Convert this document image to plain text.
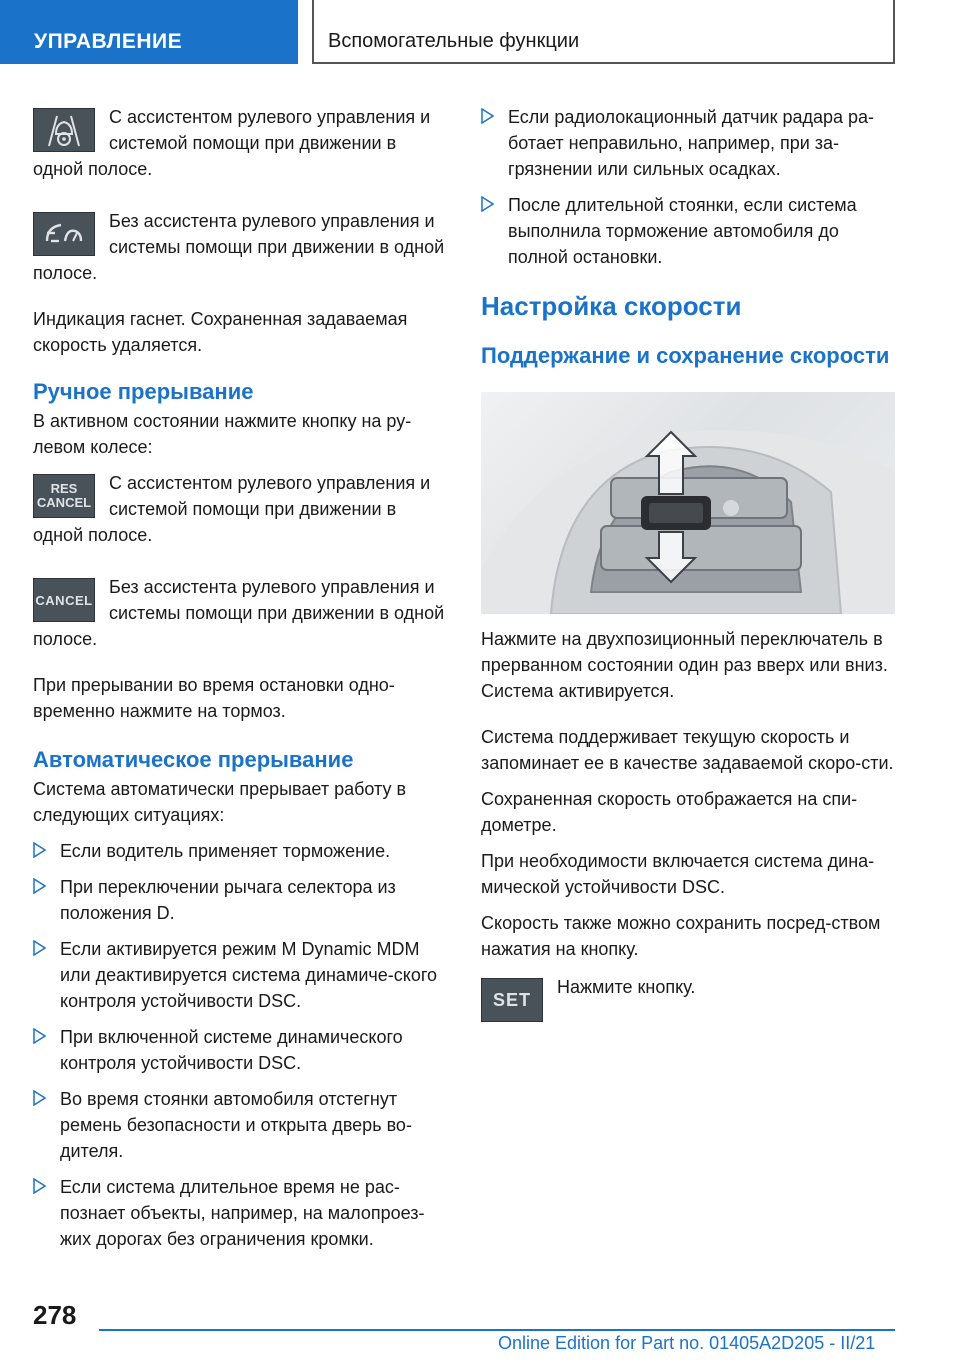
УПРАВЛЕНИЕ	Вспомогательные функции

С ассистентом рулевого управления и системой помощи при движении в одной полосе.

Без ассистента рулевого управления и системы помощи при движении в одной полосе.

Индикация гаснет. Сохраненная задаваемая скорость удаляется.

Ручное прерывание

В активном состоянии нажмите кнопку на ру-левом колесе:

RES
CANCEL

С ассистентом рулевого управления и системой помощи при движении в одной полосе.

CANCEL

Без ассистента рулевого управления и системы помощи при движении в одной полосе.

При прерывании во время остановки одно-временно нажмите на тормоз.

Автоматическое прерывание

Система автоматически прерывает работу в следующих ситуациях:

Если водитель применяет торможение.
При переключении рычага селектора из положения D.
Если активируется режим M Dynamic MDM или деактивируется система динамиче-ского контроля устойчивости DSC.
При включенной системе динамического контроля устойчивости DSC.
Во время стоянки автомобиля отстегнут ремень безопасности и открыта дверь во-дителя.
Если система длительное время не рас-познает объекты, например, на малопроез-жих дорогах без ограничения кромки.
Если радиолокационный датчик радара ра-ботает неправильно, например, при за-грязнении или сильных осадках.
После длительной стоянки, если система выполнила торможение автомобиля до полной остановки.
Настройка скорости
Поддержание и сохранение скорости

Нажмите на двухпозиционный переключатель в прерванном состоянии один раз вверх или вниз. Система активируется.

Система поддерживает текущую скорость и запоминает ее в качестве задаваемой скоро-сти.

Сохраненная скорость отображается на спи-дометре.

При необходимости включается система дина-мической устойчивости DSC.

Скорость также можно сохранить посред-ством нажатия на кнопку.

SET

Нажмите кнопку.

278
Online Edition for Part no. 01405A2D205 - II/21
